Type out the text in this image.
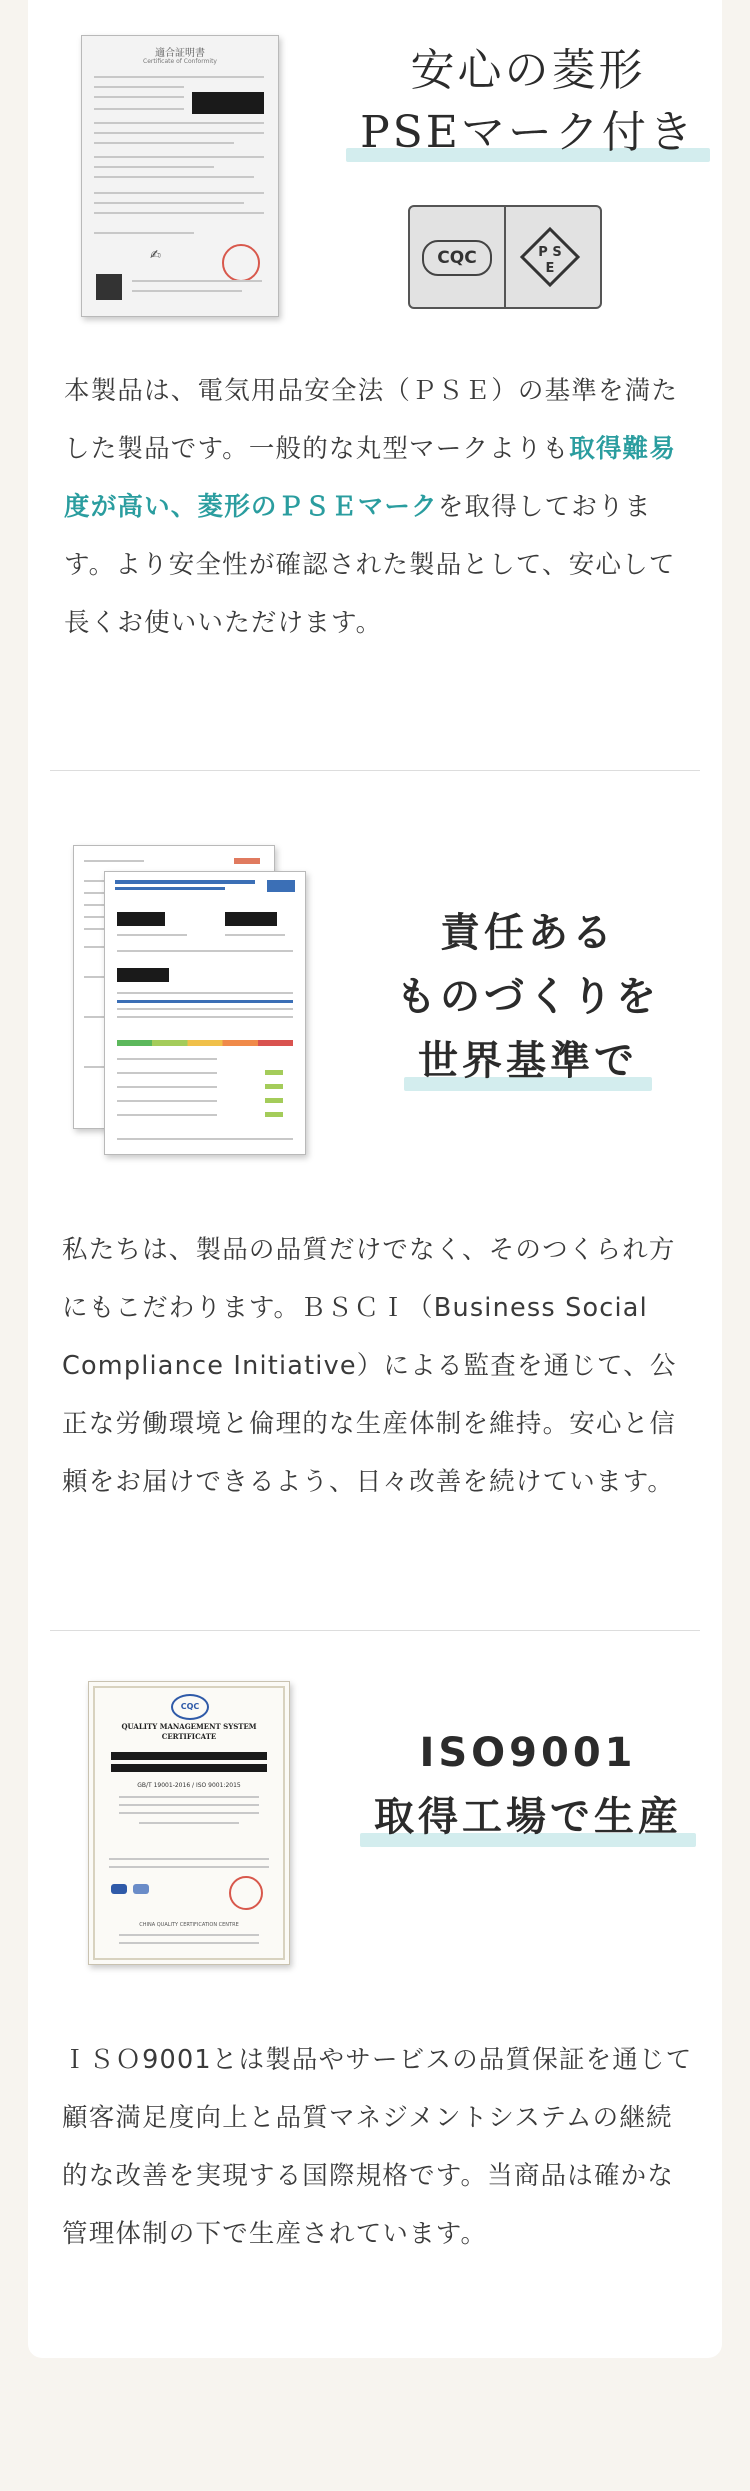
適合証明書
Certificate of Conformity
✍
安心の菱形
PSEマーク付き
CQC	P S
E
本製品は、電気用品安全法（ＰＳＥ）の基準を満たした製品です。一般的な丸型マークよりも取得難易度が高い、菱形のＰＳＥマークを取得しております。より安全性が確認された製品として、安心して長くお使いいただけます。
責任ある
ものづくりを
世界基準で
私たちは、製品の品質だけでなく、そのつくられ方にもこだわります。ＢＳＣＩ（Business Social Compliance Initiative）による監査を通じて、公正な労働環境と倫理的な生産体制を維持。安心と信頼をお届けできるよう、日々改善を続けています。
CQC
QUALITY MANAGEMENT SYSTEM CERTIFICATE
GB/T 19001-2016 / ISO 9001:2015
CHINA QUALITY CERTIFICATION CENTRE
ISO9001
取得工場で生産
ＩＳＯ9001とは製品やサービスの品質保証を通じて顧客満足度向上と品質マネジメントシステムの継続的な改善を実現する国際規格です。当商品は確かな管理体制の下で生産されています。
